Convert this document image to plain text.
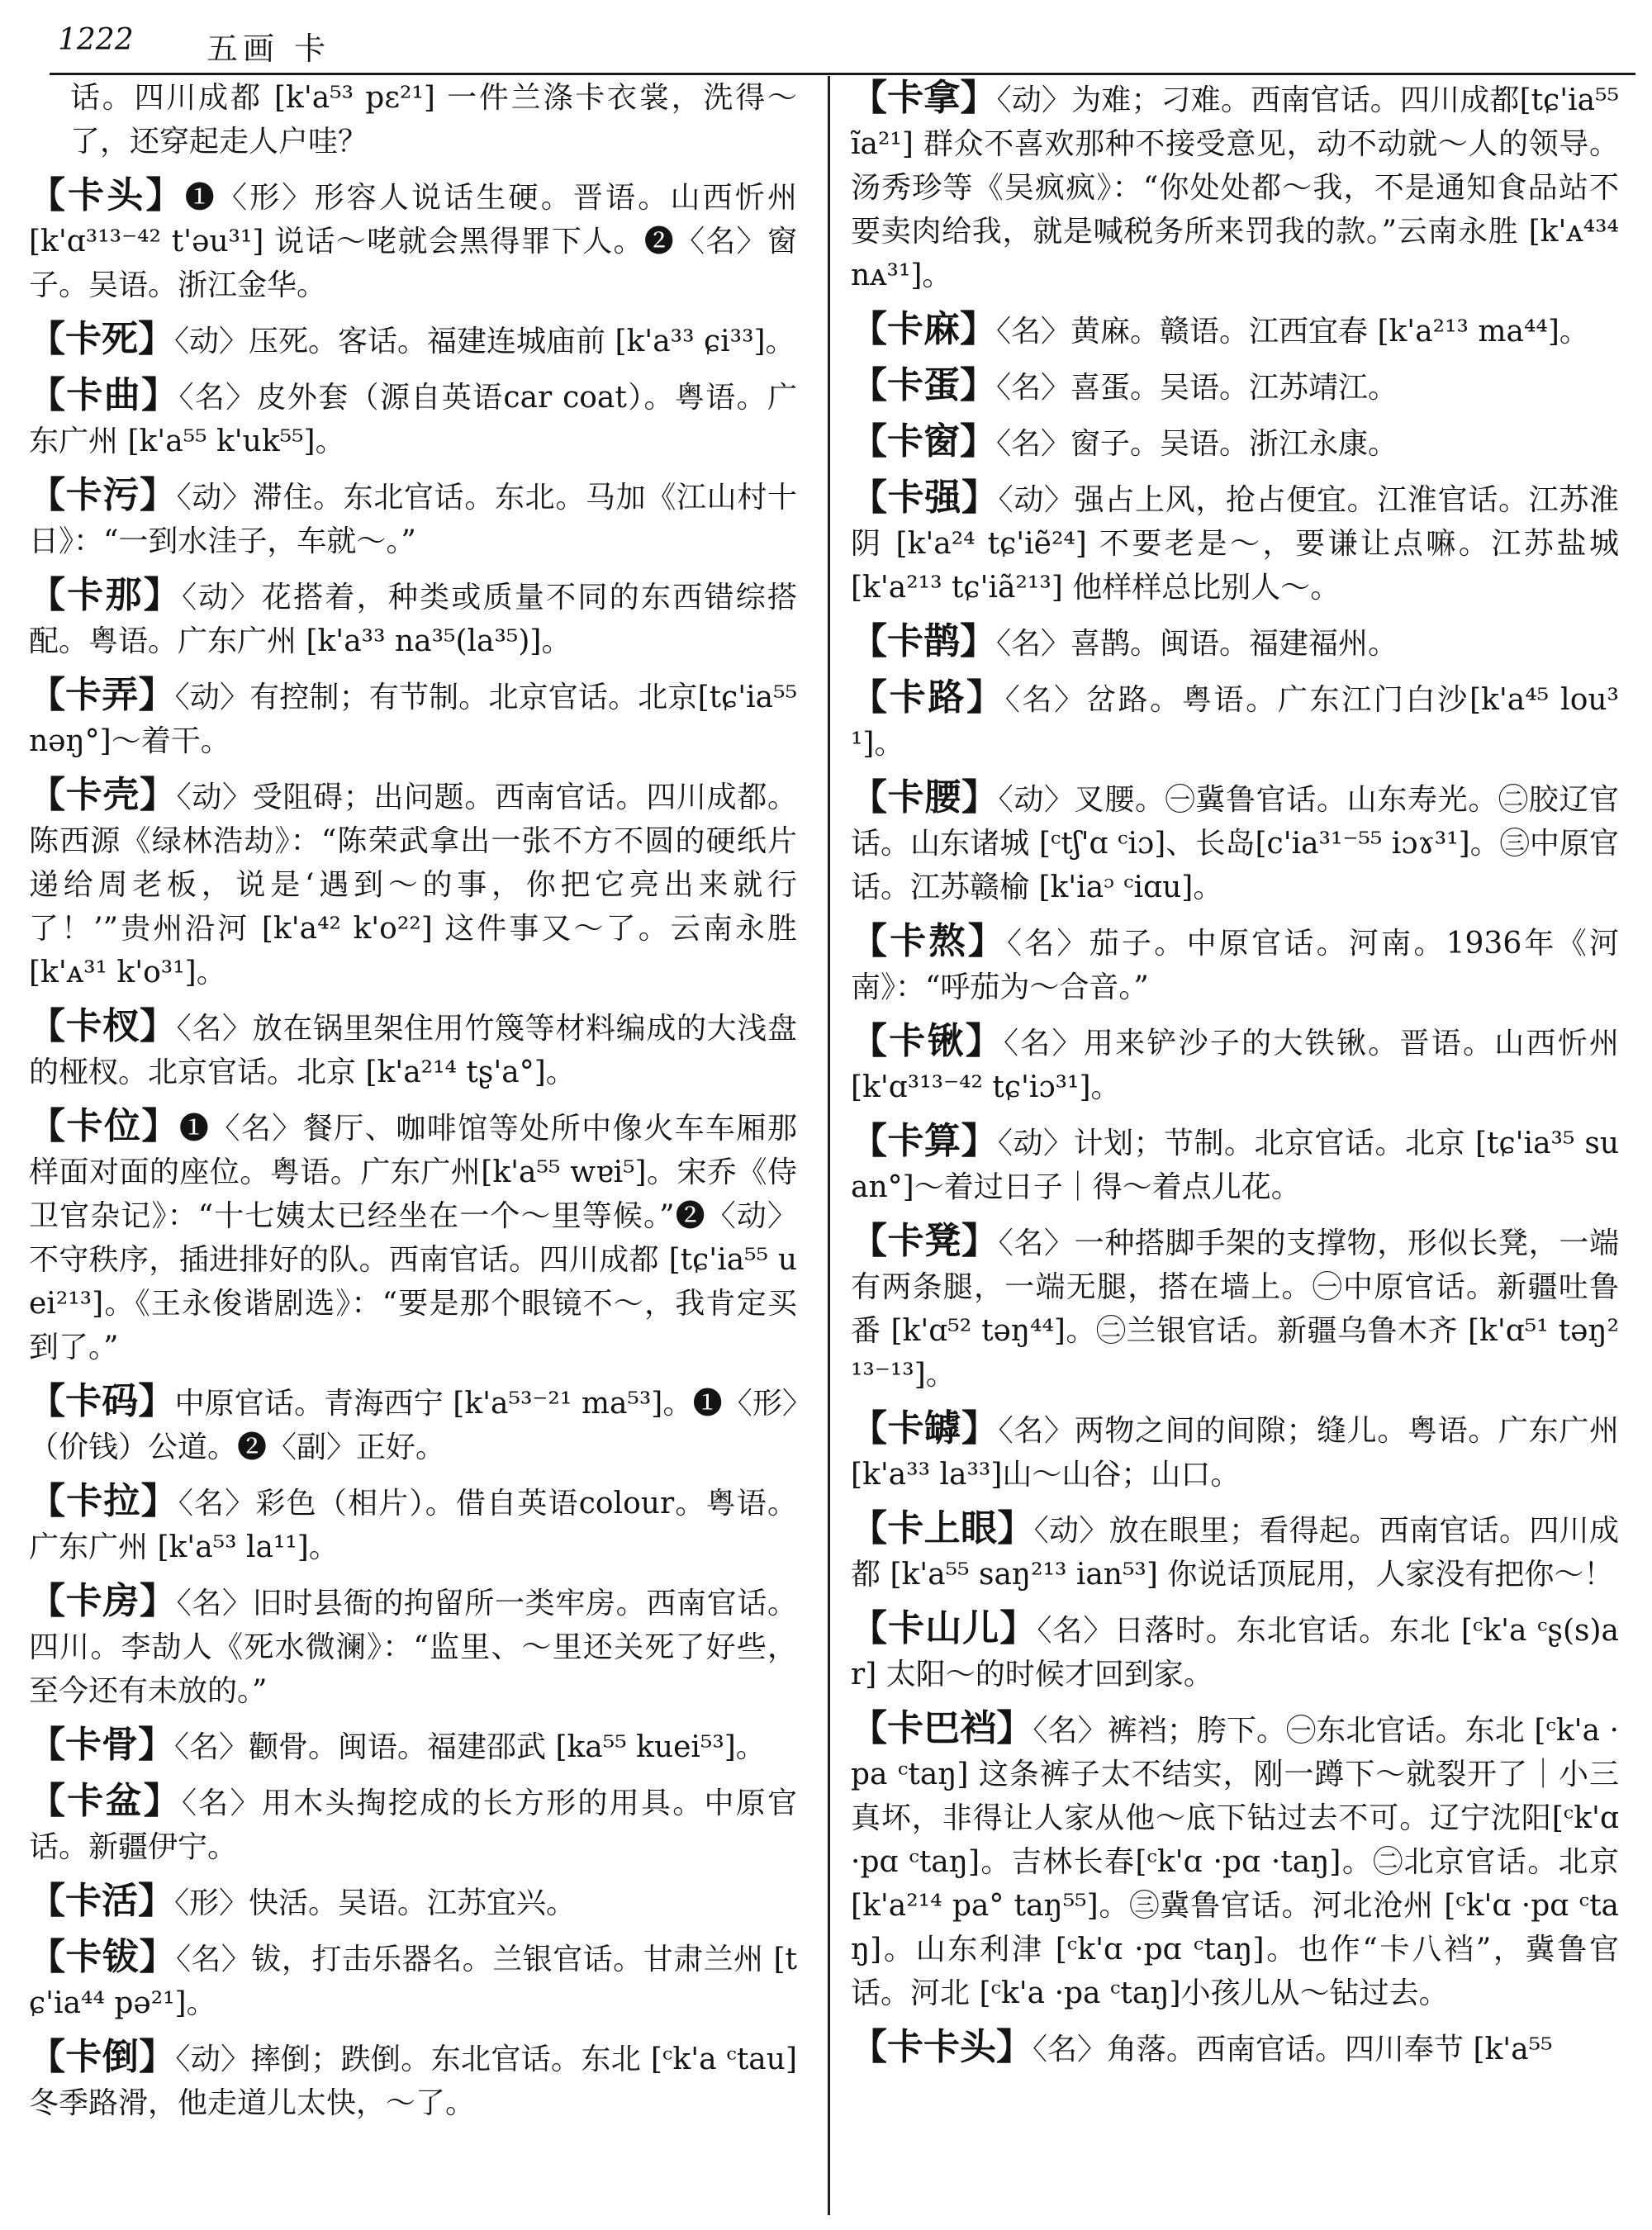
1222 五画 卡

话。四川成都 [k'a⁵³ pɛ²¹] 一件兰涤卡衣裳，洗得～了，还穿起走人户哇？

【卡头】❶〈形〉形容人说话生硬。晋语。山西忻州 [k'ɑ³¹³⁻⁴² t'əu³¹] 说话～咾就会黑得罪下人。❷〈名〉窗子。吴语。浙江金华。

【卡死】〈动〉压死。客话。福建连城庙前 [k'a³³ ɕi³³]。

【卡曲】〈名〉皮外套（源自英语car coat）。粤语。广东广州 [k'a⁵⁵ k'uk⁵⁵]。

【卡污】〈动〉滞住。东北官话。东北。马加《江山村十日》：“一到水洼子，车就～。”

【卡那】〈动〉花搭着，种类或质量不同的东西错综搭配。粤语。广东广州 [k'a³³ na³⁵(la³⁵)]。

【卡弄】〈动〉有控制；有节制。北京官话。北京[tɕ'ia⁵⁵ nəŋ°]～着干。

【卡壳】〈动〉受阻碍；出问题。西南官话。四川成都。陈西源《绿林浩劫》：“陈荣武拿出一张不方不圆的硬纸片递给周老板，说是‘遇到～的事，你把它亮出来就行了！’”贵州沿河 [k'a⁴² k'o²²] 这件事又～了。云南永胜 [k'ᴀ³¹ k'o³¹]。

【卡杈】〈名〉放在锅里架住用竹篾等材料编成的大浅盘的桠杈。北京官话。北京 [k'a²¹⁴ tʂ'a°]。

【卡位】❶〈名〉餐厅、咖啡馆等处所中像火车车厢那样面对面的座位。粤语。广东广州[k'a⁵⁵ wɐi⁵]。宋乔《侍卫官杂记》：“十七姨太已经坐在一个～里等候。”❷〈动〉不守秩序，插进排好的队。西南官话。四川成都 [tɕ'ia⁵⁵ uei²¹³]。《王永俊谐剧选》：“要是那个眼镜不～，我肯定买到了。”

【卡码】中原官话。青海西宁 [k'a⁵³⁻²¹ ma⁵³]。❶〈形〉（价钱）公道。❷〈副〉正好。

【卡拉】〈名〉彩色（相片）。借自英语colour。粤语。广东广州 [k'a⁵³ la¹¹]。

【卡房】〈名〉旧时县衙的拘留所一类牢房。西南官话。四川。李劼人《死水微澜》：“监里、～里还关死了好些，至今还有未放的。”

【卡骨】〈名〉颧骨。闽语。福建邵武 [ka⁵⁵ kuei⁵³]。

【卡盆】〈名〉用木头掏挖成的长方形的用具。中原官话。新疆伊宁。

【卡活】〈形〉快活。吴语。江苏宜兴。

【卡钹】〈名〉钹，打击乐器名。兰银官话。甘肃兰州 [tɕ'ia⁴⁴ pə²¹]。

【卡倒】〈动〉摔倒；跌倒。东北官话。东北 [ᶜk'a ᶜtau] 冬季路滑，他走道儿太快，～了。

【卡拿】〈动〉为难；刁难。西南官话。四川成都[tɕ'ia⁵⁵ ĩa²¹] 群众不喜欢那种不接受意见，动不动就～人的领导。汤秀珍等《吴疯疯》：“你处处都～我，不是通知食品站不要卖肉给我，就是喊税务所来罚我的款。”云南永胜 [k'ᴀ⁴³⁴ nᴀ³¹]。

【卡麻】〈名〉黄麻。赣语。江西宜春 [k'a²¹³ ma⁴⁴]。

【卡蛋】〈名〉喜蛋。吴语。江苏靖江。

【卡窗】〈名〉窗子。吴语。浙江永康。

【卡强】〈动〉强占上风，抢占便宜。江淮官话。江苏淮阴 [k'a²⁴ tɕ'iẽ²⁴] 不要老是～，要谦让点嘛。江苏盐城 [k'a²¹³ tɕ'iã²¹³] 他样样总比别人～。

【卡鹊】〈名〉喜鹊。闽语。福建福州。

【卡路】〈名〉岔路。粤语。广东江门白沙[k'a⁴⁵ lou³¹]。

【卡腰】〈动〉叉腰。㊀冀鲁官话。山东寿光。㊁胶辽官话。山东诸城 [ᶜtʃ'ɑ ᶜiɔ]、长岛[c'ia³¹⁻⁵⁵ iɔɤ³¹]。㊂中原官话。江苏赣榆 [k'iaᵓ ᶜiɑu]。

【卡熬】〈名〉茄子。中原官话。河南。1936年《河南》：“呼茄为～合音。”

【卡锹】〈名〉用来铲沙子的大铁锹。晋语。山西忻州 [k'ɑ³¹³⁻⁴² tɕ'iɔ³¹]。

【卡算】〈动〉计划；节制。北京官话。北京 [tɕ'ia³⁵ suan°]～着过日子｜得～着点儿花。

【卡凳】〈名〉一种搭脚手架的支撑物，形似长凳，一端有两条腿，一端无腿，搭在墙上。㊀中原官话。新疆吐鲁番 [k'ɑ⁵² təŋ⁴⁴]。㊁兰银官话。新疆乌鲁木齐 [k'ɑ⁵¹ təŋ²¹³⁻¹³]。

【卡罅】〈名〉两物之间的间隙；缝儿。粤语。广东广州 [k'a³³ la³³]山～山谷；山口。

【卡上眼】〈动〉放在眼里；看得起。西南官话。四川成都 [k'a⁵⁵ saŋ²¹³ ian⁵³] 你说话顶屁用，人家没有把你～！

【卡山儿】〈名〉日落时。东北官话。东北 [ᶜk'a ᶜʂ(s)ar] 太阳～的时候才回到家。

【卡巴裆】〈名〉裤裆；胯下。㊀东北官话。东北 [ᶜk'a ·pa ᶜtaŋ] 这条裤子太不结实，刚一蹲下～就裂开了｜小三真坏，非得让人家从他～底下钻过去不可。辽宁沈阳[ᶜk'ɑ ·pɑ ᶜtaŋ]。吉林长春[ᶜk'ɑ ·pɑ ·taŋ]。㊁北京官话。北京 [k'a²¹⁴ pa° taŋ⁵⁵]。㊂冀鲁官话。河北沧州 [ᶜk'ɑ ·pɑ ᶜtaŋ]。山东利津 [ᶜk'ɑ ·pɑ ᶜtaŋ]。也作“卡八裆”，冀鲁官话。河北 [ᶜk'a ·pa ᶜtaŋ]小孩儿从～钻过去。

【卡卡头】〈名〉角落。西南官话。四川奉节 [k'a⁵⁵
